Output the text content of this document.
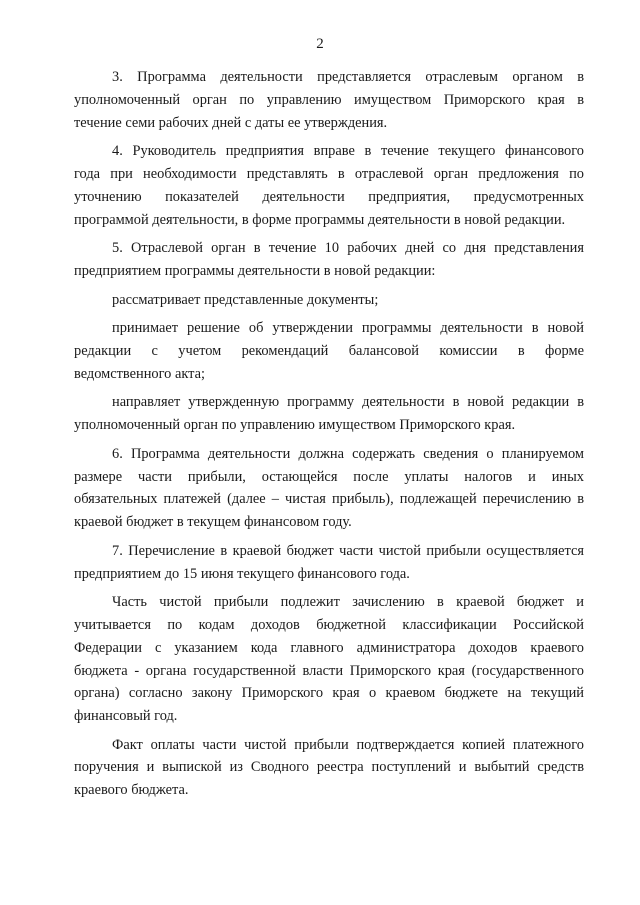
2
3. Программа деятельности представляется отраслевым органом в
уполномоченный орган по управлению имуществом Приморского края в
течение семи рабочих дней с даты ее утверждения.
4. Руководитель предприятия вправе в течение текущего финансового
года при необходимости представлять в отраслевой орган предложения по
уточнению показателей деятельности предприятия, предусмотренных
программой деятельности, в форме программы деятельности в новой редакции.
5. Отраслевой орган в течение 10 рабочих дней со дня представления
предприятием программы деятельности в новой редакции:
рассматривает представленные документы;
принимает решение об утверждении программы деятельности в новой
редакции с учетом рекомендаций балансовой комиссии в форме
ведомственного акта;
направляет утвержденную программу деятельности в новой редакции в
уполномоченный орган по управлению имуществом Приморского края.
6. Программа деятельности должна содержать сведения о планируемом
размере части прибыли, остающейся после уплаты налогов и иных
обязательных платежей (далее – чистая прибыль), подлежащей перечислению в
краевой бюджет в текущем финансовом году.
7. Перечисление в краевой бюджет части чистой прибыли осуществляется
предприятием до 15 июня текущего финансового года.
Часть чистой прибыли подлежит зачислению в краевой бюджет и
учитывается по кодам доходов бюджетной классификации Российской
Федерации с указанием кода главного администратора доходов краевого
бюджета - органа государственной власти Приморского края (государственного
органа) согласно закону Приморского края о краевом бюджете на текущий
финансовый год.
Факт оплаты части чистой прибыли подтверждается копией платежного
поручения и выпиской из Сводного реестра поступлений и выбытий средств
краевого бюджета.
